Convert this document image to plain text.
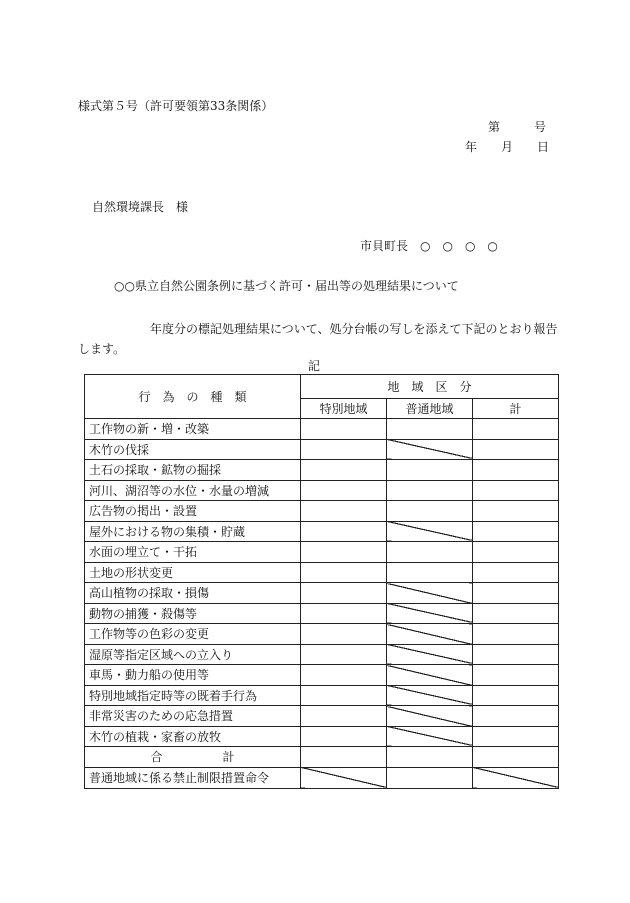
様式第５号（許可要領第33条関係）
第	号
年 月 日
自然環境課長　様
市貝町長　○　○　○　○
○○県立自然公園条例に基づく許可・届出等の処理結果について
年度分の標記処理結果について、処分台帳の写しを添えて下記のとおり報告します。
記
行　為　の　種　類	地　域　区　分		
	特別地域	普通地域	計
工作物の新・増・改築			
木竹の伐採			
土石の採取・鉱物の掘採			
河川、湖沼等の水位・水量の増減			
広告物の掲出・設置			
屋外における物の集積・貯蔵			
水面の埋立て・干拓			
土地の形状変更			
高山植物の採取・損傷			
動物の捕獲・殺傷等			
工作物等の色彩の変更			
湿原等指定区域への立入り			
車馬・動力船の使用等			
特別地域指定時等の既着手行為			
非常災害のための応急措置			
木竹の植栽・家畜の放牧			
合 計			
普通地域に係る禁止制限措置命令			
